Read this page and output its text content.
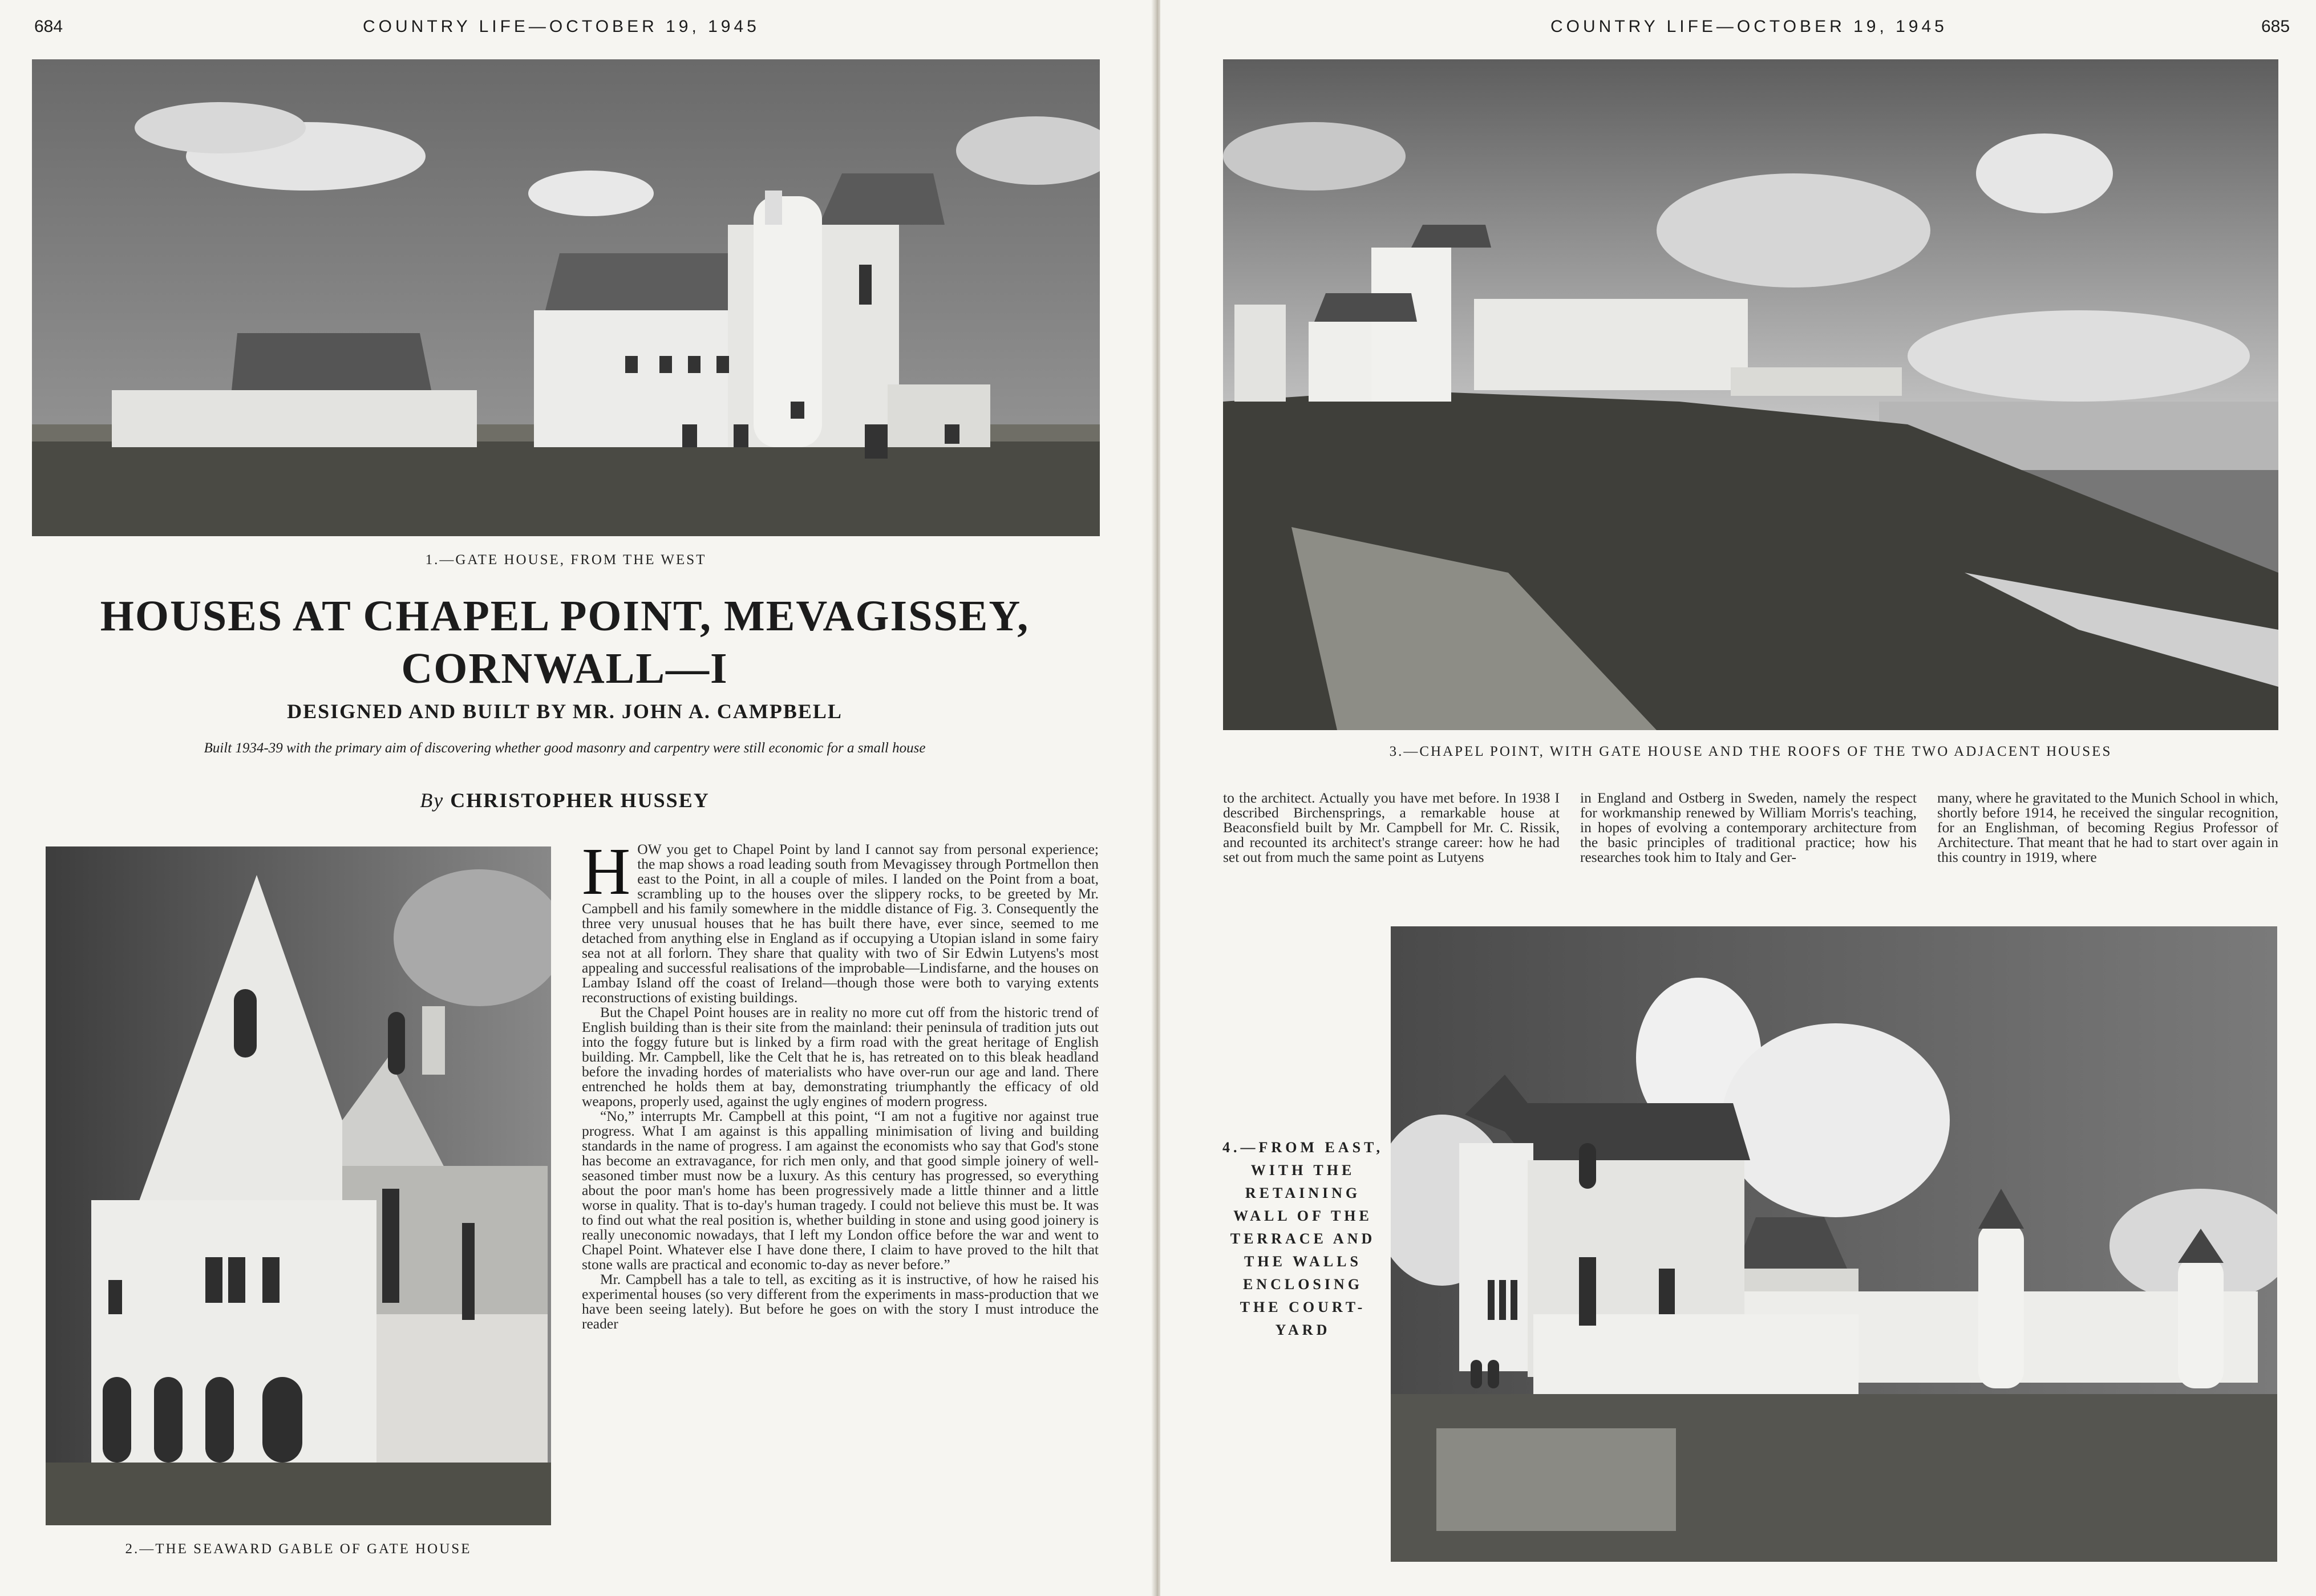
684	COUNTRY LIFE—OCTOBER 19, 1945
1.—GATE HOUSE, FROM THE WEST
HOUSES AT CHAPEL POINT, MEVAGISSEY,
CORNWALL—I
DESIGNED AND BUILT BY MR. JOHN A. CAMPBELL
Built 1934-39 with the primary aim of discovering whether good masonry and carpentry were still economic for a small house
By CHRISTOPHER HUSSEY
2.—THE SEAWARD GABLE OF GATE HOUSE

HOW you get to Chapel Point by land I cannot say from personal experience; the map shows a road leading south from Mevagissey through Portmellon then east to the Point, in all a couple of miles. I landed on the Point from a boat, scrambling up to the houses over the slippery rocks, to be greeted by Mr. Campbell and his family somewhere in the middle distance of Fig. 3. Consequently the three very unusual houses that he has built there have, ever since, seemed to me detached from anything else in England as if occupying a Utopian island in some fairy sea not at all forlorn. They share that quality with two of Sir Edwin Lutyens's most appealing and successful realisations of the improbable—Lindisfarne, and the houses on Lambay Island off the coast of Ireland—though those were both to varying extents reconstructions of existing buildings.

But the Chapel Point houses are in reality no more cut off from the historic trend of English building than is their site from the mainland: their peninsula of tradition juts out into the foggy future but is linked by a firm road with the great heritage of English building. Mr. Campbell, like the Celt that he is, has retreated on to this bleak headland before the invading hordes of materialists who have over-run our age and land. There entrenched he holds them at bay, demonstrating triumphantly the efficacy of old weapons, properly used, against the ugly engines of modern progress.

“No,” interrupts Mr. Campbell at this point, “I am not a fugitive nor against true progress. What I am against is this appalling minimisation of living and building standards in the name of progress. I am against the economists who say that God's stone has become an extravagance, for rich men only, and that good simple joinery of well-seasoned timber must now be a luxury. As this century has progressed, so everything about the poor man's home has been progressively made a little thinner and a little worse in quality. That is to-day's human tragedy. I could not believe this must be. It was to find out what the real position is, whether building in stone and using good joinery is really uneconomic nowadays, that I left my London office before the war and went to Chapel Point. Whatever else I have done there, I claim to have proved to the hilt that stone walls are practical and economic to-day as never before.”

Mr. Campbell has a tale to tell, as exciting as it is instructive, of how he raised his experimental houses (so very different from the experiments in mass-production that we have been seeing lately). But before he goes on with the story I must introduce the reader

COUNTRY LIFE—OCTOBER 19, 1945	685
3.—CHAPEL POINT, WITH GATE HOUSE AND THE ROOFS OF THE TWO ADJACENT HOUSES

to the architect. Actually you have met before. In 1938 I described Birchensprings, a remarkable house at Beaconsfield built by Mr. Campbell for Mr. C. Rissik, and recounted its architect's strange career: how he had set out from much the same point as Lutyens

in England and Ostberg in Sweden, namely the respect for workmanship renewed by William Morris's teaching, in hopes of evolving a contemporary architecture from the basic principles of traditional practice; how his researches took him to Italy and Ger-

many, where he gravitated to the Munich School in which, shortly before 1914, he received the singular recognition, for an Englishman, of becoming Regius Professor of Architecture. That meant that he had to start over again in this country in 1919, where

4.—FROM EAST,
WITH THE
RETAINING
WALL OF THE
TERRACE AND
THE WALLS
ENCLOSING
THE COURT-
YARD
